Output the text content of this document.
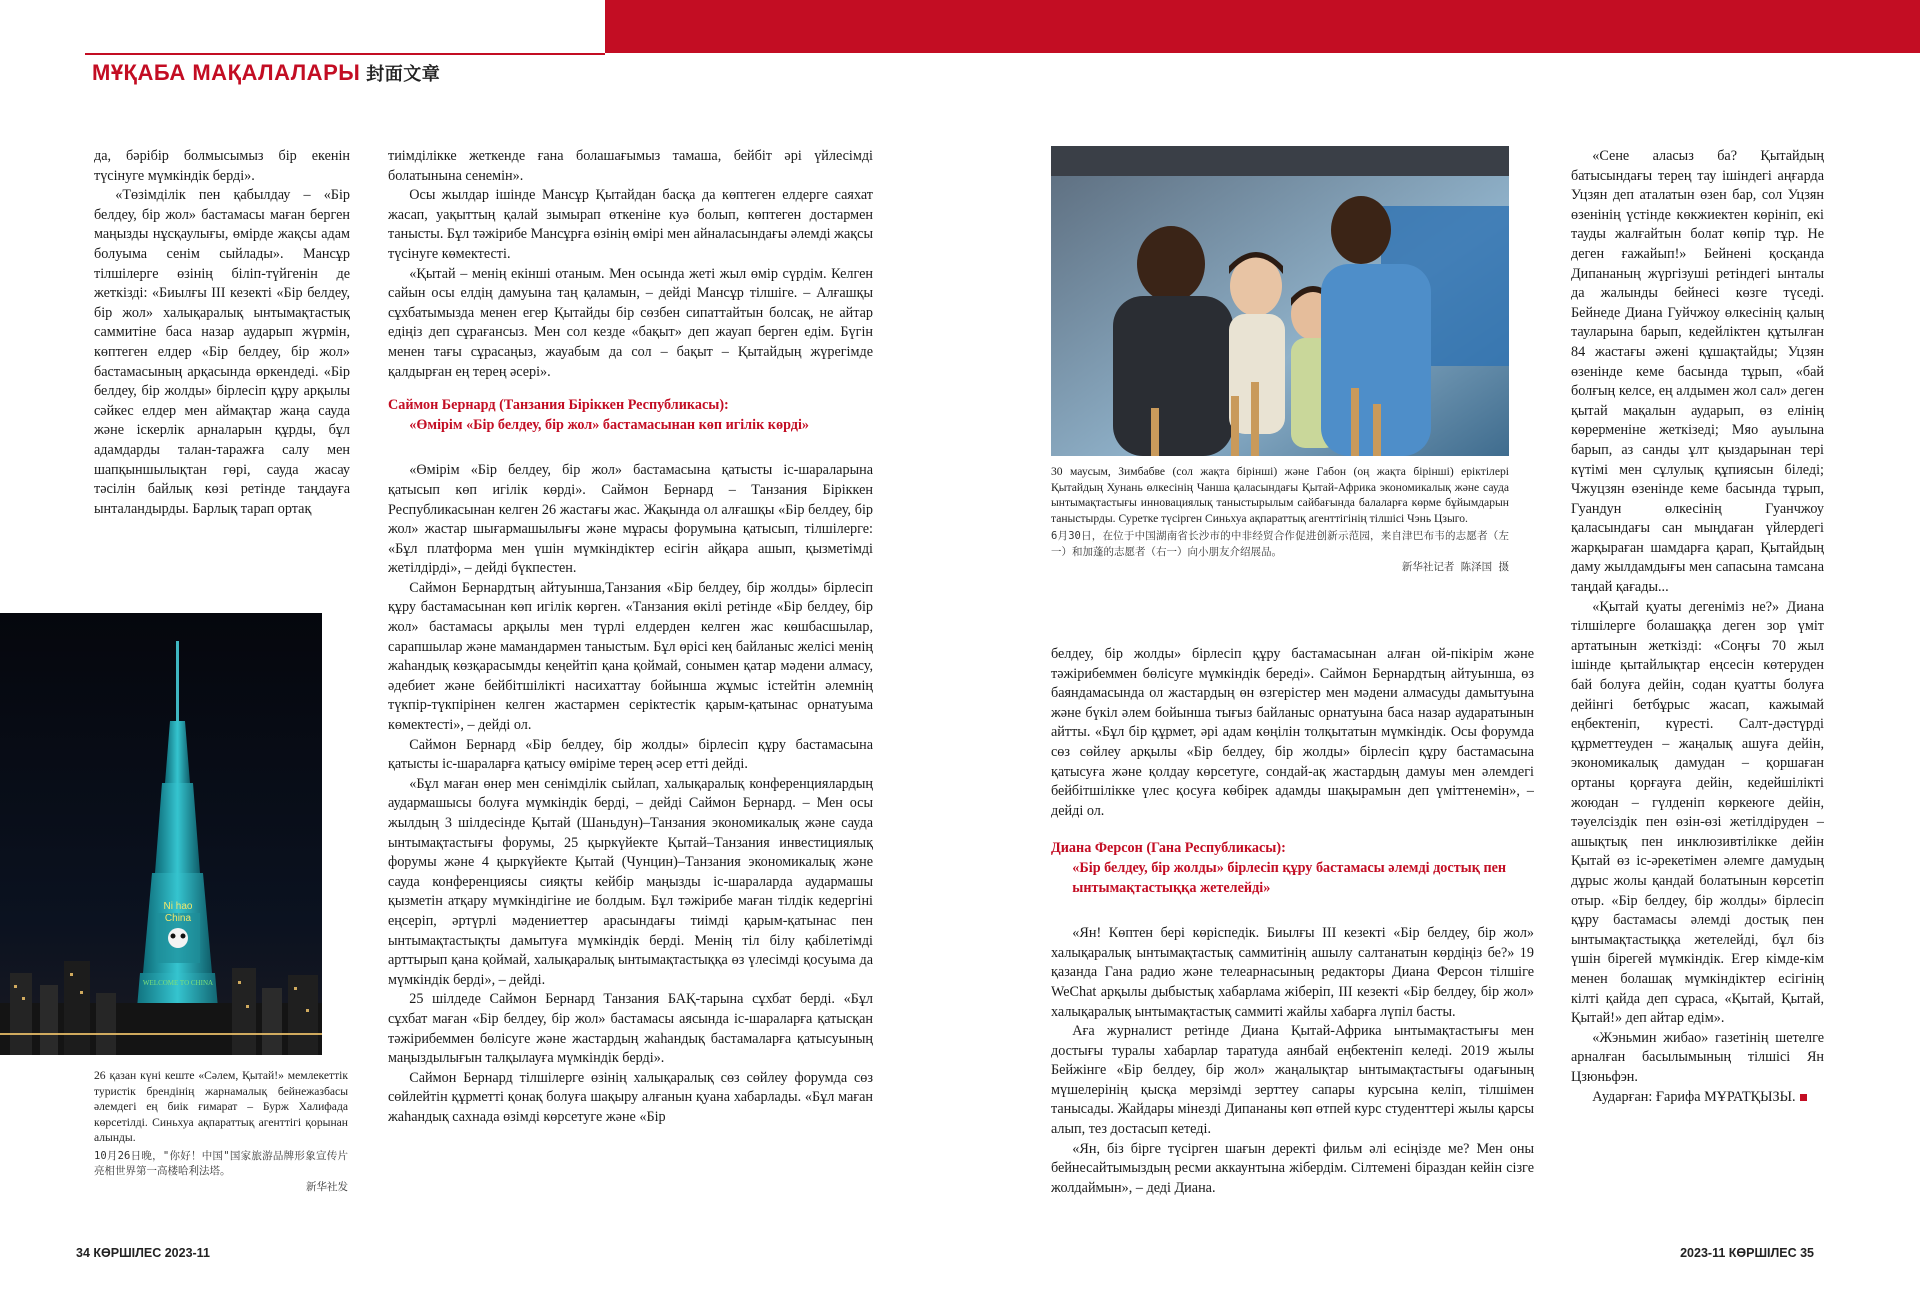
МҰҚАБА МАҚАЛАЛАРЫ 封面文章

да, бәрібір болмысымыз бір екенін түсінуге мүмкіндік берді».

«Төзімділік пен қабылдау – «Бір белдеу, бір жол» бастамасы маған берген маңызды нұсқаулығы, өмірде жақсы адам болуыма сенім сыйлады». Мансұр тілшілерге өзінің біліп-түйгенін де жеткізді: «Биылғы III кезекті «Бір белдеу, бір жол» халықаралық ынтымақтастық саммитіне баса назар аударып жүрмін, көптеген елдер «Бір белдеу, бір жол» бастамасының арқасында өркендеді. «Бір белдеу, бір жолды» бірлесіп құру арқылы сәйкес елдер мен аймақтар жаңа сауда және іскерлік арналарын құрды, бұл адамдарды талан-таражға салу мен шапқыншылықтан гөрі, сауда жасау тәсілін байлық көзі ретінде таңдауға ынталандырды. Барлық тарап ортақ

Ni hao
China
WELCOME TO CHINA
26 қазан күні кеште «Сәлем, Қытай!» мемлекеттік туристік брендінің жарнамалық бейнежазбасы әлемдегі ең биік ғимарат – Бурж Халифада көрсетілді. Синьхуа ақпараттық агенттігі қорынан алынды.
10月26日晚，"你好！中国"国家旅游品牌形象宣传片亮相世界第一高楼哈利法塔。
新华社发

тиімділікке жеткенде ғана болашағымыз тамаша, бейбіт әрі үйлесімді болатынына сенемін».

Осы жылдар ішінде Мансұр Қытайдан басқа да көптеген елдерге саяхат жасап, уақыттың қалай зымырап өткеніне куә болып, көптеген достармен танысты. Бұл тәжірибе Мансұрға өзінің өмірі мен айналасындағы әлемді жақсы түсінуге көмектесті.

«Қытай – менің екінші отаным. Мен осында жеті жыл өмір сүрдім. Келген сайын осы елдің дамуына таң қаламын, – дейді Мансұр тілшіге. – Алғашқы сұхбатымызда менен егер Қытайды бір сөзбен сипаттайтын болсақ, не айтар едіңіз деп сұрағансыз. Мен сол кезде «бақыт» деп жауап берген едім. Бүгін менен тағы сұрасаңыз, жауабым да сол – бақыт – Қытайдың жүрегімде қалдырған ең терең әсері».

Саймон Бернард (Танзания Біріккен Республикасы):
«Өмірім «Бір белдеу, бір жол» бастамасынан көп игілік көрді»

«Өмірім «Бір белдеу, бір жол» бастамасына қатысты іс-шараларына қатысып көп игілік көрді». Саймон Бернард – Танзания Біріккен Республикасынан келген 26 жастағы жас. Жақында ол алғашқы «Бір белдеу, бір жол» жастар шығармашылығы және мұрасы форумына қатысып, тілшілерге: «Бұл платформа мен үшін мүмкіндіктер есігін айқара ашып, қызметімді жетілдірді», – дейді бүкпестен.

Саймон Бернардтың айтуынша,Танзания «Бір белдеу, бір жолды» бірлесіп құру бастамасынан көп игілік көрген. «Танзания өкілі ретінде «Бір белдеу, бір жол» бастамасы арқылы мен түрлі елдерден келген жас көшбасшылар, сарапшылар және мамандармен таныстым. Бұл өрісі кең байланыс желісі менің жаһандық көзқарасымды кеңейтіп қана қоймай, сонымен қатар мәдени алмасу, әдебиет және бейбітшілікті насихаттау бойынша жұмыс істейтін әлемнің түкпір-түкпірінен келген жастармен серіктестік қарым-қатынас орнатуыма көмектесті», – дейді ол.

Саймон Бернард «Бір белдеу, бір жолды» бірлесіп құру бастамасына қатысты іс-шараларға қатысу өміріме терең әсер етті дейді.

«Бұл маған өнер мен сенімділік сыйлап, халықаралық конференциялардың аудармашысы болуға мүмкіндік берді, – дейді Саймон Бернард. – Мен осы жылдың 3 шілдесінде Қытай (Шаньдун)–Танзания экономикалық және сауда ынтымақтастығы форумы, 25 қыркүйекте Қытай–Танзания инвестициялық форумы және 4 қыркүйекте Қытай (Чунцин)–Танзания экономикалық және сауда конференциясы сияқты кейбір маңызды іс-шараларда аудармашы қызметін атқару мүмкіндігіне ие болдым. Бұл тәжірибе маған тілдік кедергіні еңсеріп, әртүрлі мәдениеттер арасындағы тиімді қарым-қатынас пен ынтымақтастықты дамытуға мүмкіндік берді. Менің тіл білу қабілетімді арттырып қана қоймай, халықаралық ынтымақтастыққа өз үлесімді қосуыма да мүмкіндік берді», – дейді.

25 шілдеде Саймон Бернард Танзания БАҚ-тарына сұхбат берді. «Бұл сұхбат маған «Бір белдеу, бір жол» бастамасы аясында іс-шараларға қатысқан тәжірибеммен бөлісуге және жастардың жаһандық бастамаларға қатысуының маңыздылығын талқылауға мүмкіндік берді».

Саймон Бернард тілшілерге өзінің халықаралық сөз сөйлеу форумда сөз сөйлейтін құрметті қонақ болуға шақыру алғанын қуана хабарлады. «Бұл маған жаһандық сахнада өзімді көрсетуге және «Бір

30 маусым, Зимбабве (сол жақта біріншi) және Габон (оң жақта біріншi) еріктілері Қытайдың Хунань өлкесінің Чанша қаласындағы Қытай-Африка экономикалық және сауда ынтымақтастығы инновациялық таныстырылым сайбағында балаларға көрме бұйымдарын таныстырды. Суретке түсірген Синьхуа ақпараттық агенттігінің тілшісі Чэнь Цзыго.
6月30日，在位于中国湖南省长沙市的中非经贸合作促进创新示范园，来自津巴布韦的志愿者（左一）和加蓬的志愿者（右一）向小朋友介绍展品。
新华社记者 陈泽国 摄

белдеу, бір жолды» бірлесіп құру бастамасынан алған ой-пікірім және тәжірибеммен бөлісуге мүмкіндік береді». Саймон Бернардтың айтуынша, өз баяндамасында ол жастардың өн өзгерістер мен мәдени алмасуды дамытуына және бүкіл әлем бойынша тығыз байланыс орнатуына баса назар аударатынын айтты. «Бұл бір құрмет, әрі адам көңілін толқытатын мүмкіндік. Осы форумда сөз сөйлеу арқылы «Бір белдеу, бір жолды» бірлесіп құру бастамасына қатысуға және қолдау көрсетуге, сондай-ақ жастардың дамуы мен әлемдегі бейбітшілікке үлес қосуға көбірек адамды шақырамын деп үміттенемін», – дейді ол.

Диана Ферсон (Гана Республикасы):
«Бір белдеу, бір жолды» бірлесіп құру бастамасы әлемді достық пен ынтымақтастыққа жетелейді»

«Ян! Көптен бері көріспедік. Биылғы III кезекті «Бір белдеу, бір жол» халықаралық ынтымақтастық саммитінің ашылу салтанатын көрдіңіз бе?» 19 қазанда Гана радио және телеарнасының редакторы Диана Ферсон тілшіге WeChat арқылы дыбыстық хабарлама жіберіп, III кезекті «Бір белдеу, бір жол» халықаралық ынтымақтастық саммиті жайлы хабарға лүпіл басты.

Аға журналист ретінде Диана Қытай-Африка ынтымақтастығы мен достығы туралы хабарлар таратуда аянбай еңбектеніп келеді. 2019 жылы Бейжінге «Бір белдеу, бір жол» жаңалықтар ынтымақтастығы одағының мүшелерінің қысқа мерзімді зерттеу сапары курсына келіп, тілшімен танысады. Жайдары мінезді Дипананы көп өтпей курс студенттері жылы қарсы алып, тез достасып кетеді.

«Ян, біз бірге түсірген шағын деректі фильм әлі есіңізде ме? Мен оны бейнесайтымыздың ресми аккаунтына жібердім. Сілтемені біраздан кейін сізге жолдаймын», – деді Диана.

«Сене аласыз ба? Қытайдың батысындағы терең тау ішіндегі аңғарда Уцзян деп аталатын өзен бар, сол Уцзян өзенінің үстінде көкжиектен көрініп, екі тауды жалғайтын болат көпір тұр. Не деген ғажайып!» Бейнені қосқанда Дипананың жүргізуші ретіндегі ынталы да жалынды бейнесі көзге түседі. Бейнеде Диана Гуйчжоу өлкесінің қалың тауларына барып, кедейліктен құтылған 84 жастағы әжені құшақтайды; Уцзян өзенінде кеме басында тұрып, «бай болғың келсе, ең алдымен жол сал» деген қытай мақалын аударып, өз елінің көрерменіне жеткізеді; Мяо ауылына барып, аз санды ұлт қыздарынан тері күтімі мен сұлулық құпиясын біледі; Чжуцзян өзенінде кеме басында тұрып, Гуандун өлкесінің Гуанчжоу қаласындағы сан мыңдаған үйлердегі жарқыраған шамдарға қарап, Қытайдың даму жылдамдығы мен сапасына тамсана таңдай қағады...

«Қытай қуаты дегеніміз не?» Диана тілшілерге болашаққа деген зор үміт артатынын жеткізді: «Соңғы 70 жыл ішінде қытайлықтар еңсесін көтеруден бай болуға дейін, содан қуатты болуға дейінгі бетбұрыс жасап, кажымай еңбектеніп, күресті. Салт-дәстүрді құрметтеуден – жаңалық ашуға дейін, экономикалық дамудан – қоршаған ортаны қорғауға дейін, кедейшілікті жоюдан – гүлденіп көркеюге дейін, тәуелсіздік пен өзін-өзі жетілдіруден – ашықтық пен инклюзивтілікке дейін Қытай өз іс-әрекетімен әлемге дамудың дұрыс жолы қандай болатынын көрсетіп отыр. «Бір белдеу, бір жолды» бірлесіп құру бастамасы әлемді достық пен ынтымақтастыққа жетелейді, бұл біз үшін бірегей мүмкіндік. Егер кімде-кім менен болашақ мүмкіндіктер есігінің кілті қайда деп сұраса, «Қытай, Қытай, Қытай!» деп айтар едім».

«Жэньмин жибао» газетінің шетелге арналған басылымының тілшісі Ян Цзюньфэн.

Аударған: Ғарифа МҰРАТҚЫЗЫ.

34 КӨРШІЛЕС 2023-11	2023-11 КӨРШІЛЕС 35
